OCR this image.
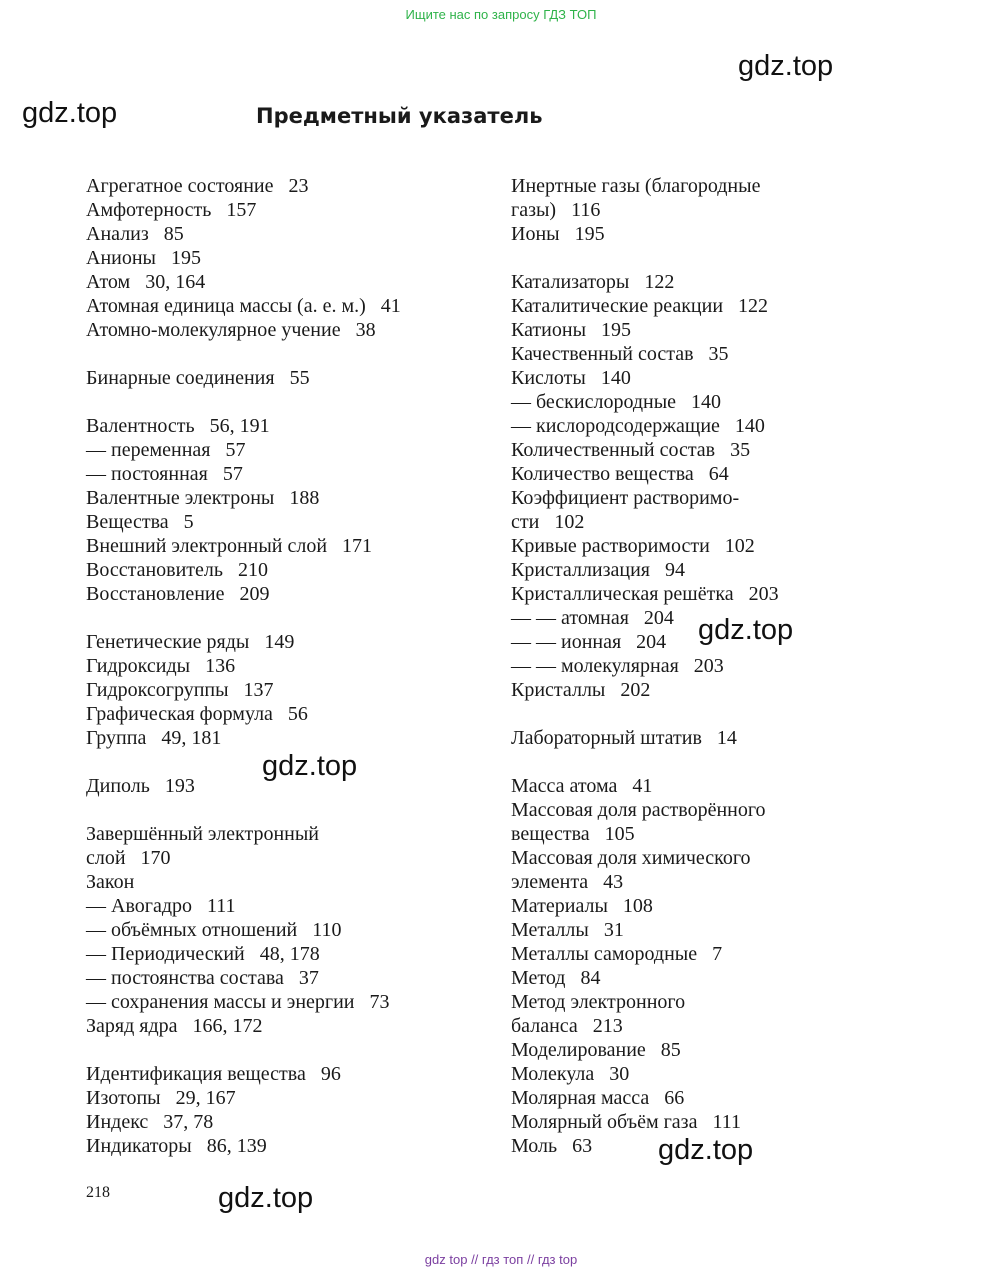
Ищите нас по запросу ГДЗ ТОП
gdz.top
gdz.top
gdz.top
gdz.top
gdz.top
gdz.top
Предметный указатель
Агрегатное состояние   23
Амфотерность   157
Анализ   85
Анионы   195
Атом   30, 164
Атомная единица массы (а. е. м.)   41
Атомно-молекулярное учение   38
Бинарные соединения   55
Валентность   56, 191
— переменная   57
— постоянная   57
Валентные электроны   188
Вещества   5
Внешний электронный слой   171
Восстановитель   210
Восстановление   209
Генетические ряды   149
Гидроксиды   136
Гидроксогруппы   137
Графическая формула   56
Группа   49, 181
Диполь   193
Завершённый электронный
слой   170
Закон
— Авогадро   111
— объёмных отношений   110
— Периодический   48, 178
— постоянства состава   37
— сохранения массы и энергии   73
Заряд ядра   166, 172
Идентификация вещества   96
Изотопы   29, 167
Индекс   37, 78
Индикаторы   86, 139
Инертные газы (благородные
газы)   116
Ионы   195
Катализаторы   122
Каталитические реакции   122
Катионы   195
Качественный состав   35
Кислоты   140
— бескислородные   140
— кислородсодержащие   140
Количественный состав   35
Количество вещества   64
Коэффициент растворимо-
сти   102
Кривые растворимости   102
Кристаллизация   94
Кристаллическая решётка   203
— — атомная   204
— — ионная   204
— — молекулярная   203
Кристаллы   202
Лабораторный штатив   14
Масса атома   41
Массовая доля растворённого
вещества   105
Массовая доля химического
элемента   43
Материалы   108
Металлы   31
Металлы самородные   7
Метод   84
Метод электронного
баланса   213
Моделирование   85
Молекула   30
Молярная масса   66
Молярный объём газа   111
Моль   63
218
gdz top // гдз топ // гдз top
